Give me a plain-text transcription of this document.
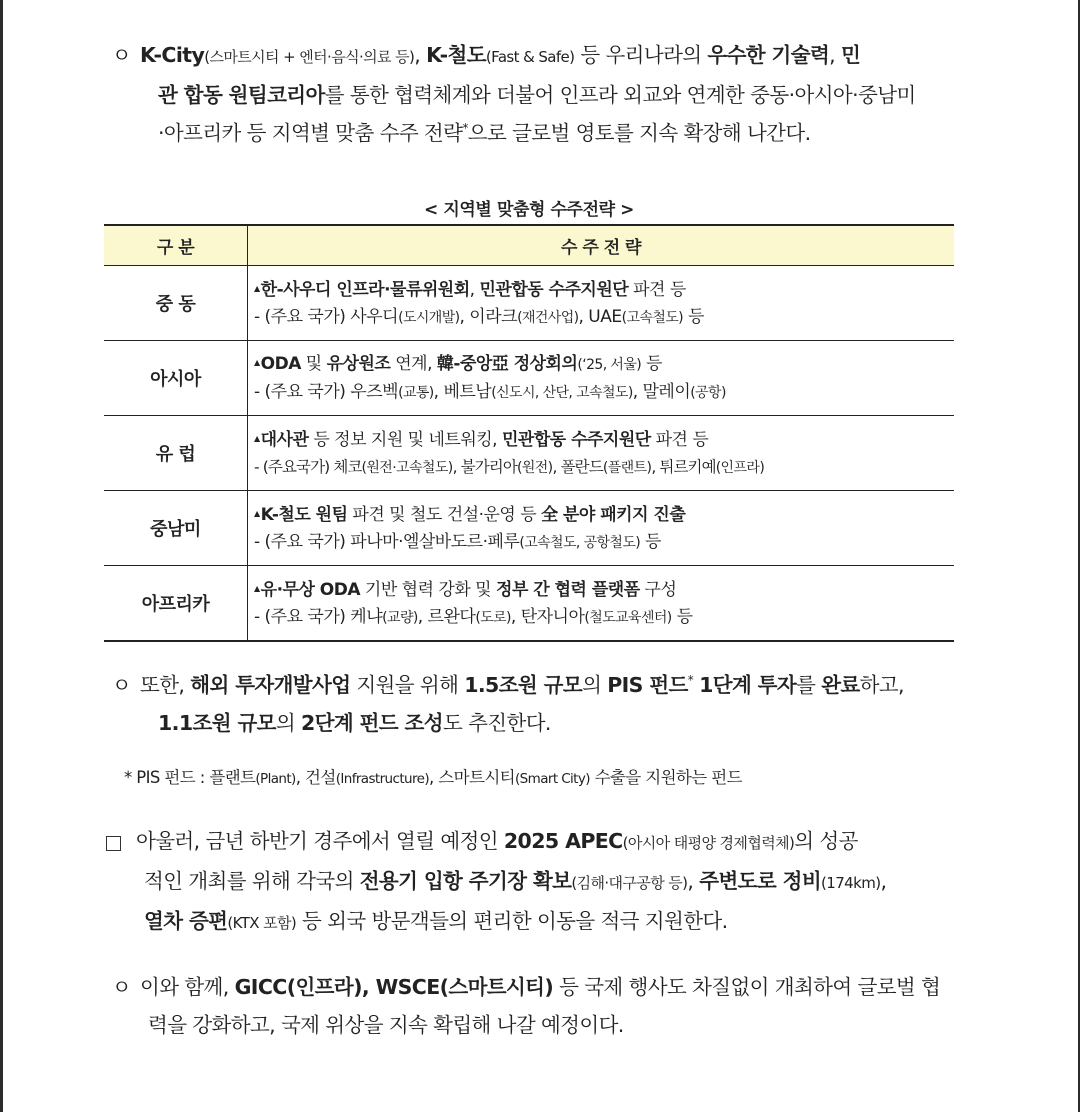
ㅇ K-City(스마트시티 + 엔터·음식·의료 등), K-철도(Fast & Safe) 등 우리나라의 우수한 기술력, 민
관 합동 원팀코리아를 통한 협력체계와 더불어 인프라 외교와 연계한 중동·아시아·중남미
·아프리카 등 지역별 맞춤 수주 전략*으로 글로벌 영토를 지속 확장해 나간다.
< 지역별 맞춤형 수주전략 >
구 분	수 주 전 략
중 동	▲한-사우디 인프라·물류위원회, 민관합동 수주지원단 파견 등
- (주요 국가) 사우디(도시개발), 이라크(재건사업), UAE(고속철도) 등

아시아	▲ODA 및 유상원조 연계, 韓-중앙亞 정상회의(‘25, 서울) 등
- (주요 국가) 우즈벡(교통), 베트남(신도시, 산단, 고속철도), 말레이(공항)

유 럽	▲대사관 등 정보 지원 및 네트워킹, 민관합동 수주지원단 파견 등
- (주요국가) 체코(원전·고속철도), 불가리아(원전), 폴란드(플랜트), 튀르키예(인프라)

중남미	▲K-철도 원팀 파견 및 철도 건설·운영 등 全 분야 패키지 진출
- (주요 국가) 파나마·엘살바도르·페루(고속철도, 공항철도) 등

아프리카	▲유·무상 ODA 기반 협력 강화 및 정부 간 협력 플랫폼 구성
- (주요 국가) 케냐(교량), 르완다(도로), 탄자니아(철도교육센터) 등
ㅇ 또한, 해외 투자개발사업 지원을 위해 1.5조원 규모의 PIS 펀드* 1단계 투자를 완료하고,
1.1조원 규모의 2단계 펀드 조성도 추진한다.
* PIS 펀드 : 플랜트(Plant), 건설(Infrastructure), 스마트시티(Smart City) 수출을 지원하는 펀드
아울러, 금년 하반기 경주에서 열릴 예정인 2025 APEC(아시아 태평양 경제협력체)의 성공
적인 개최를 위해 각국의 전용기 입항 주기장 확보(김해·대구공항 등), 주변도로 정비(174km),
열차 증편(KTX 포함) 등 외국 방문객들의 편리한 이동을 적극 지원한다.
ㅇ 이와 함께, GICC(인프라), WSCE(스마트시티) 등 국제 행사도 차질없이 개최하여 글로벌 협
력을 강화하고, 국제 위상을 지속 확립해 나갈 예정이다.
